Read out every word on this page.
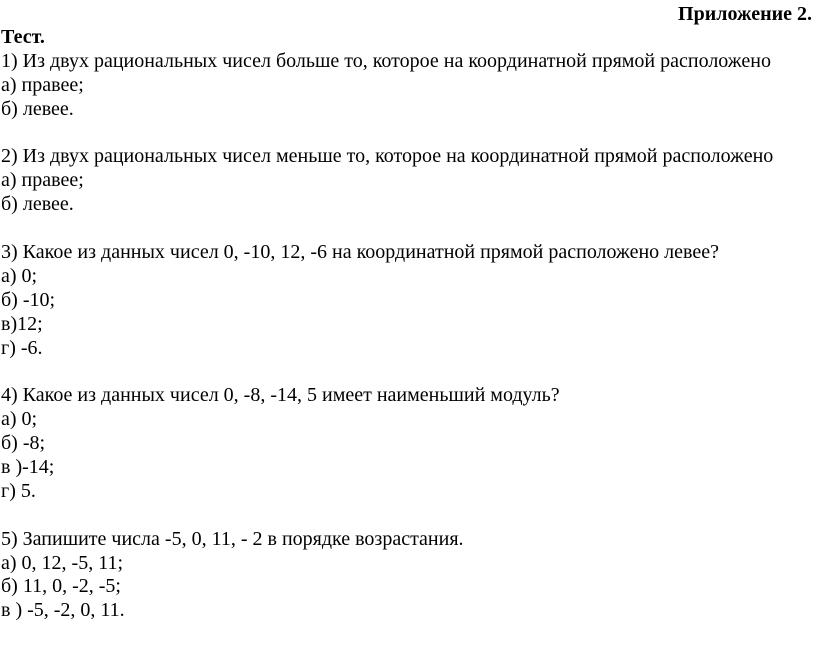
Приложение 2.
Тест.
1) Из двух рациональных чисел больше то, которое на координатной прямой расположено
а) правее;
б) левее.
2) Из двух рациональных чисел меньше то, которое на координатной прямой расположено
а) правее;
б) левее.
3) Какое из данных чисел 0, -10, 12, -6 на координатной прямой расположено левее?
а) 0;
б) -10;
в)12;
г) -6.
4) Какое из данных чисел 0, -8, -14, 5 имеет наименьший модуль?
а) 0;
б) -8;
в )-14;
г) 5.
5) Запишите числа -5, 0, 11, - 2 в порядке возрастания.
а) 0, 12, -5, 11;
б) 11, 0, -2, -5;
в ) -5, -2, 0, 11.
